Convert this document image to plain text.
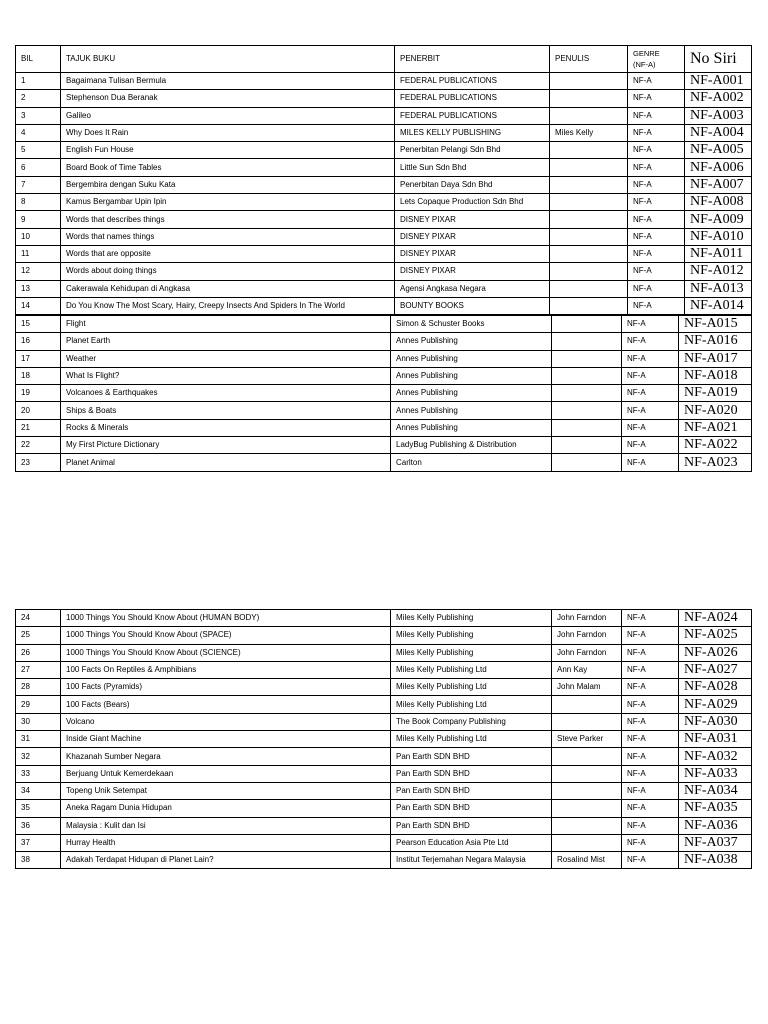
BIL	TAJUK BUKU	PENERBIT	PENULIS	GENRE
(NF-A)	No Siri
1	Bagaimana Tulisan Bermula	FEDERAL PUBLICATIONS		NF-A	NF-A001
2	Stephenson Dua Beranak	FEDERAL PUBLICATIONS		NF-A	NF-A002
3	Galileo	FEDERAL PUBLICATIONS		NF-A	NF-A003
4	Why Does It Rain	MILES KELLY PUBLISHING	Miles Kelly	NF-A	NF-A004
5	English Fun House	Penerbitan Pelangi Sdn Bhd		NF-A	NF-A005
6	Board Book of Time Tables	Little Sun Sdn Bhd		NF-A	NF-A006
7	Bergembira dengan Suku Kata	Penerbitan Daya Sdn Bhd		NF-A	NF-A007
8	Kamus Bergambar Upin Ipin	Lets Copaque Production Sdn Bhd		NF-A	NF-A008
9	Words that describes things	DISNEY PIXAR		NF-A	NF-A009
10	Words that names things	DISNEY PIXAR		NF-A	NF-A010
11	Words that are opposite	DISNEY PIXAR		NF-A	NF-A011
12	Words about doing things	DISNEY PIXAR		NF-A	NF-A012
13	Cakerawala Kehidupan di Angkasa	Agensi Angkasa Negara		NF-A	NF-A013
14	Do You Know The Most Scary, Hairy, Creepy Insects And Spiders In The World	BOUNTY BOOKS		NF-A	NF-A014
15	Flight	Simon & Schuster Books		NF-A	NF-A015
16	Planet Earth	Annes Publishing		NF-A	NF-A016
17	Weather	Annes Publishing		NF-A	NF-A017
18	What Is Flight?	Annes Publishing		NF-A	NF-A018
19	Volcanoes & Earthquakes	Annes Publishing		NF-A	NF-A019
20	Ships & Boats	Annes Publishing		NF-A	NF-A020
21	Rocks & Minerals	Annes Publishing		NF-A	NF-A021
22	My First Picture Dictionary	LadyBug Publishing & Distribution		NF-A	NF-A022
23	Planet Animal	Carlton		NF-A	NF-A023
24	1000 Things You Should Know About (HUMAN BODY)	Miles Kelly Publishing	John Farndon	NF-A	NF-A024
25	1000 Things You Should Know About (SPACE)	Miles Kelly Publishing	John Farndon	NF-A	NF-A025
26	1000 Things You Should Know About (SCIENCE)	Miles Kelly Publishing	John Farndon	NF-A	NF-A026
27	100 Facts On Reptiles & Amphibians	Miles Kelly Publishing Ltd	Ann Kay	NF-A	NF-A027
28	100 Facts (Pyramids)	Miles Kelly Publishing Ltd	John Malam	NF-A	NF-A028
29	100 Facts (Bears)	Miles Kelly Publishing Ltd		NF-A	NF-A029
30	Volcano	The Book Company Publishing		NF-A	NF-A030
31	Inside Giant Machine	Miles Kelly Publishing Ltd	Steve Parker	NF-A	NF-A031
32	Khazanah Sumber Negara	Pan Earth SDN BHD		NF-A	NF-A032
33	Berjuang Untuk Kemerdekaan	Pan Earth SDN BHD		NF-A	NF-A033
34	Topeng Unik Setempat	Pan Earth SDN BHD		NF-A	NF-A034
35	Aneka Ragam Dunia Hidupan	Pan Earth SDN BHD		NF-A	NF-A035
36	Malaysia : Kulit dan Isi	Pan Earth SDN BHD		NF-A	NF-A036
37	Hurray Health	Pearson Education Asia Pte Ltd		NF-A	NF-A037
38	Adakah Terdapat Hidupan di Planet Lain?	Institut Terjemahan Negara Malaysia	Rosalind Mist	NF-A	NF-A038
